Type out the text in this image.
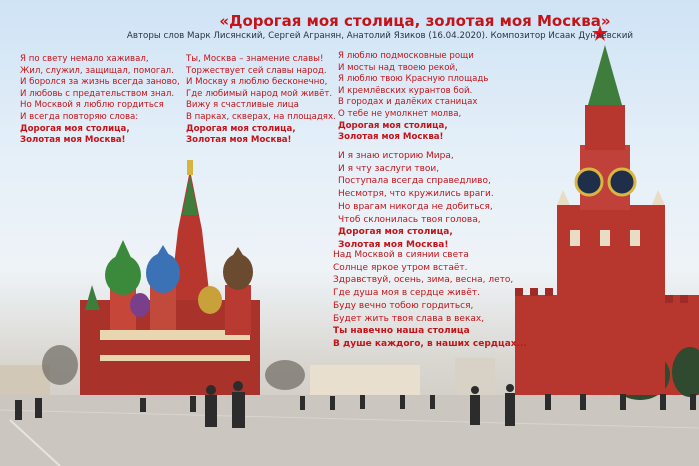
«Дорогая моя столица, золотая моя Москва»
Авторы слов Марк Лисянский, Сергей Агранян, Анатолий Язиков (16.04.2020). Композитор Исаак Дунаевский
Я по свету немало хаживал,
Жил, служил, защищал, помогал.
И боролся за жизнь всегда заново,
И любовь с предательством знал.
Но Москвой я люблю гордиться
И всегда повторяю слова:
Дорогая моя столица,
Золотая моя Москва!
Ты, Москва – знамение славы!
Торжествует сей славы народ.
И Москву я люблю бесконечно,
Где любимый народ мой живёт.
Вижу я счастливые лица
В парках, скверах, на площадях.
Дорогая моя столица,
Золотая моя Москва!
Я люблю подмосковные рощи
И мосты над твоею рекой,
Я люблю твою Красную площадь
И кремлёвских курантов бой.
В городах и далёких станицах
О тебе не умолкнет молва,
Дорогая моя столица,
Золотая моя Москва!
И я знаю историю Мира,
И я чту заслуги твои,
Поступала всегда справедливо,
Несмотря, что кружились враги.
Но врагам никогда не добиться,
Чтоб склонилась твоя голова,
Дорогая моя столица,
Золотая моя Москва!
Над Москвой в сиянии света
Солнце яркое утром встаёт.
Здравствуй, осень, зима, весна, лето,
Где душа моя в сердце живёт.
Буду вечно тобою гордиться,
Будет жить твоя слава в веках,
Ты навечно наша столица
В душе каждого, в наших сердцах...
